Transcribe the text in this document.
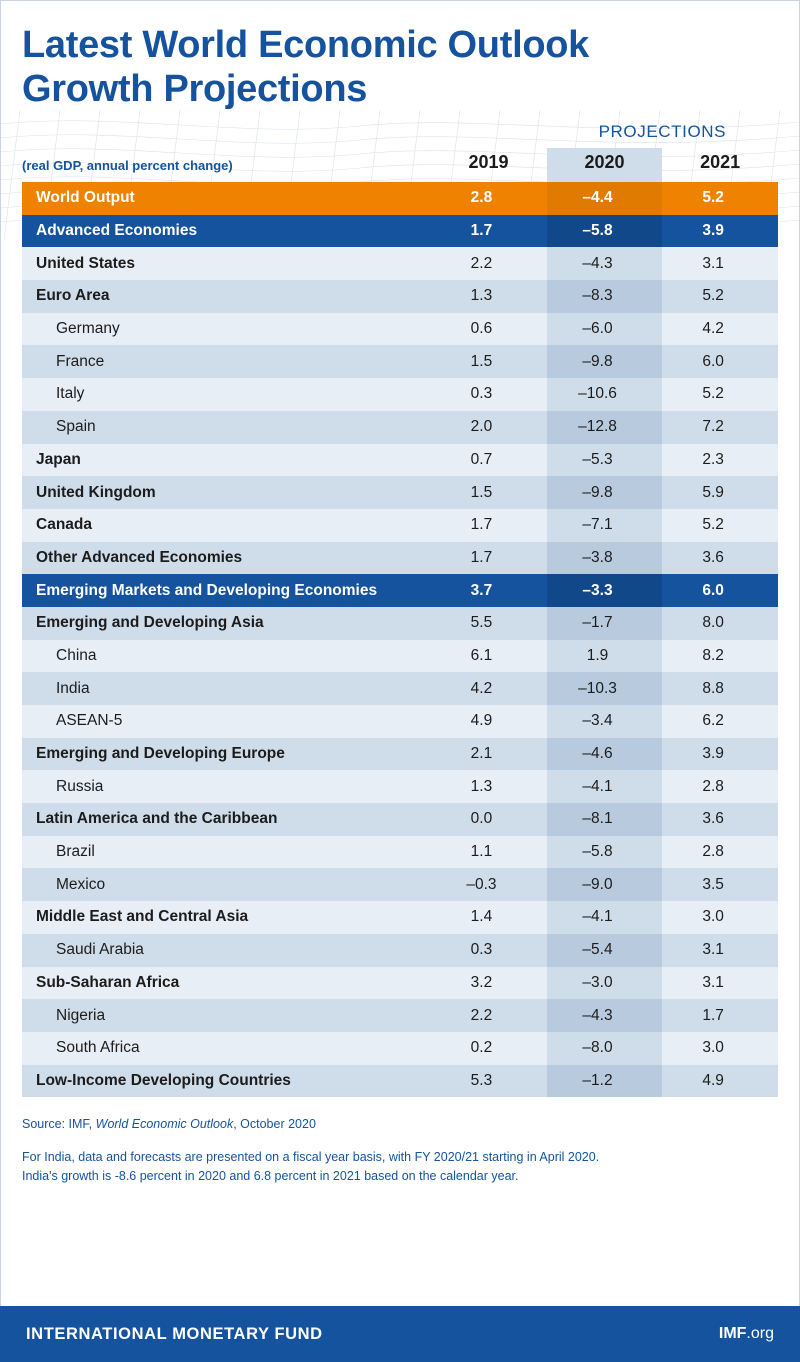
Latest World Economic Outlook
Growth Projections
		PROJECTIONS	
(real GDP, annual percent change)	2019	2020	2021
World Output	2.8	–4.4	5.2
Advanced Economies	1.7	–5.8	3.9
United States	2.2	–4.3	3.1
Euro Area	1.3	–8.3	5.2
Germany	0.6	–6.0	4.2
France	1.5	–9.8	6.0
Italy	0.3	–10.6	5.2
Spain	2.0	–12.8	7.2
Japan	0.7	–5.3	2.3
United Kingdom	1.5	–9.8	5.9
Canada	1.7	–7.1	5.2
Other Advanced Economies	1.7	–3.8	3.6
Emerging Markets and Developing Economies	3.7	–3.3	6.0
Emerging and Developing Asia	5.5	–1.7	8.0
China	6.1	1.9	8.2
India	4.2	–10.3	8.8
ASEAN-5	4.9	–3.4	6.2
Emerging and Developing Europe	2.1	–4.6	3.9
Russia	1.3	–4.1	2.8
Latin America and the Caribbean	0.0	–8.1	3.6
Brazil	1.1	–5.8	2.8
Mexico	–0.3	–9.0	3.5
Middle East and Central Asia	1.4	–4.1	3.0
Saudi Arabia	0.3	–5.4	3.1
Sub-Saharan Africa	3.2	–3.0	3.1
Nigeria	2.2	–4.3	1.7
South Africa	0.2	–8.0	3.0
Low-Income Developing Countries	5.3	–1.2	4.9
Source: IMF, World Economic Outlook, October 2020
For India, data and forecasts are presented on a fiscal year basis, with FY 2020/21 starting in April 2020.
India's growth is -8.6 percent in 2020 and 6.8 percent in 2021 based on the calendar year.
INTERNATIONAL MONETARY FUND	IMF.org
